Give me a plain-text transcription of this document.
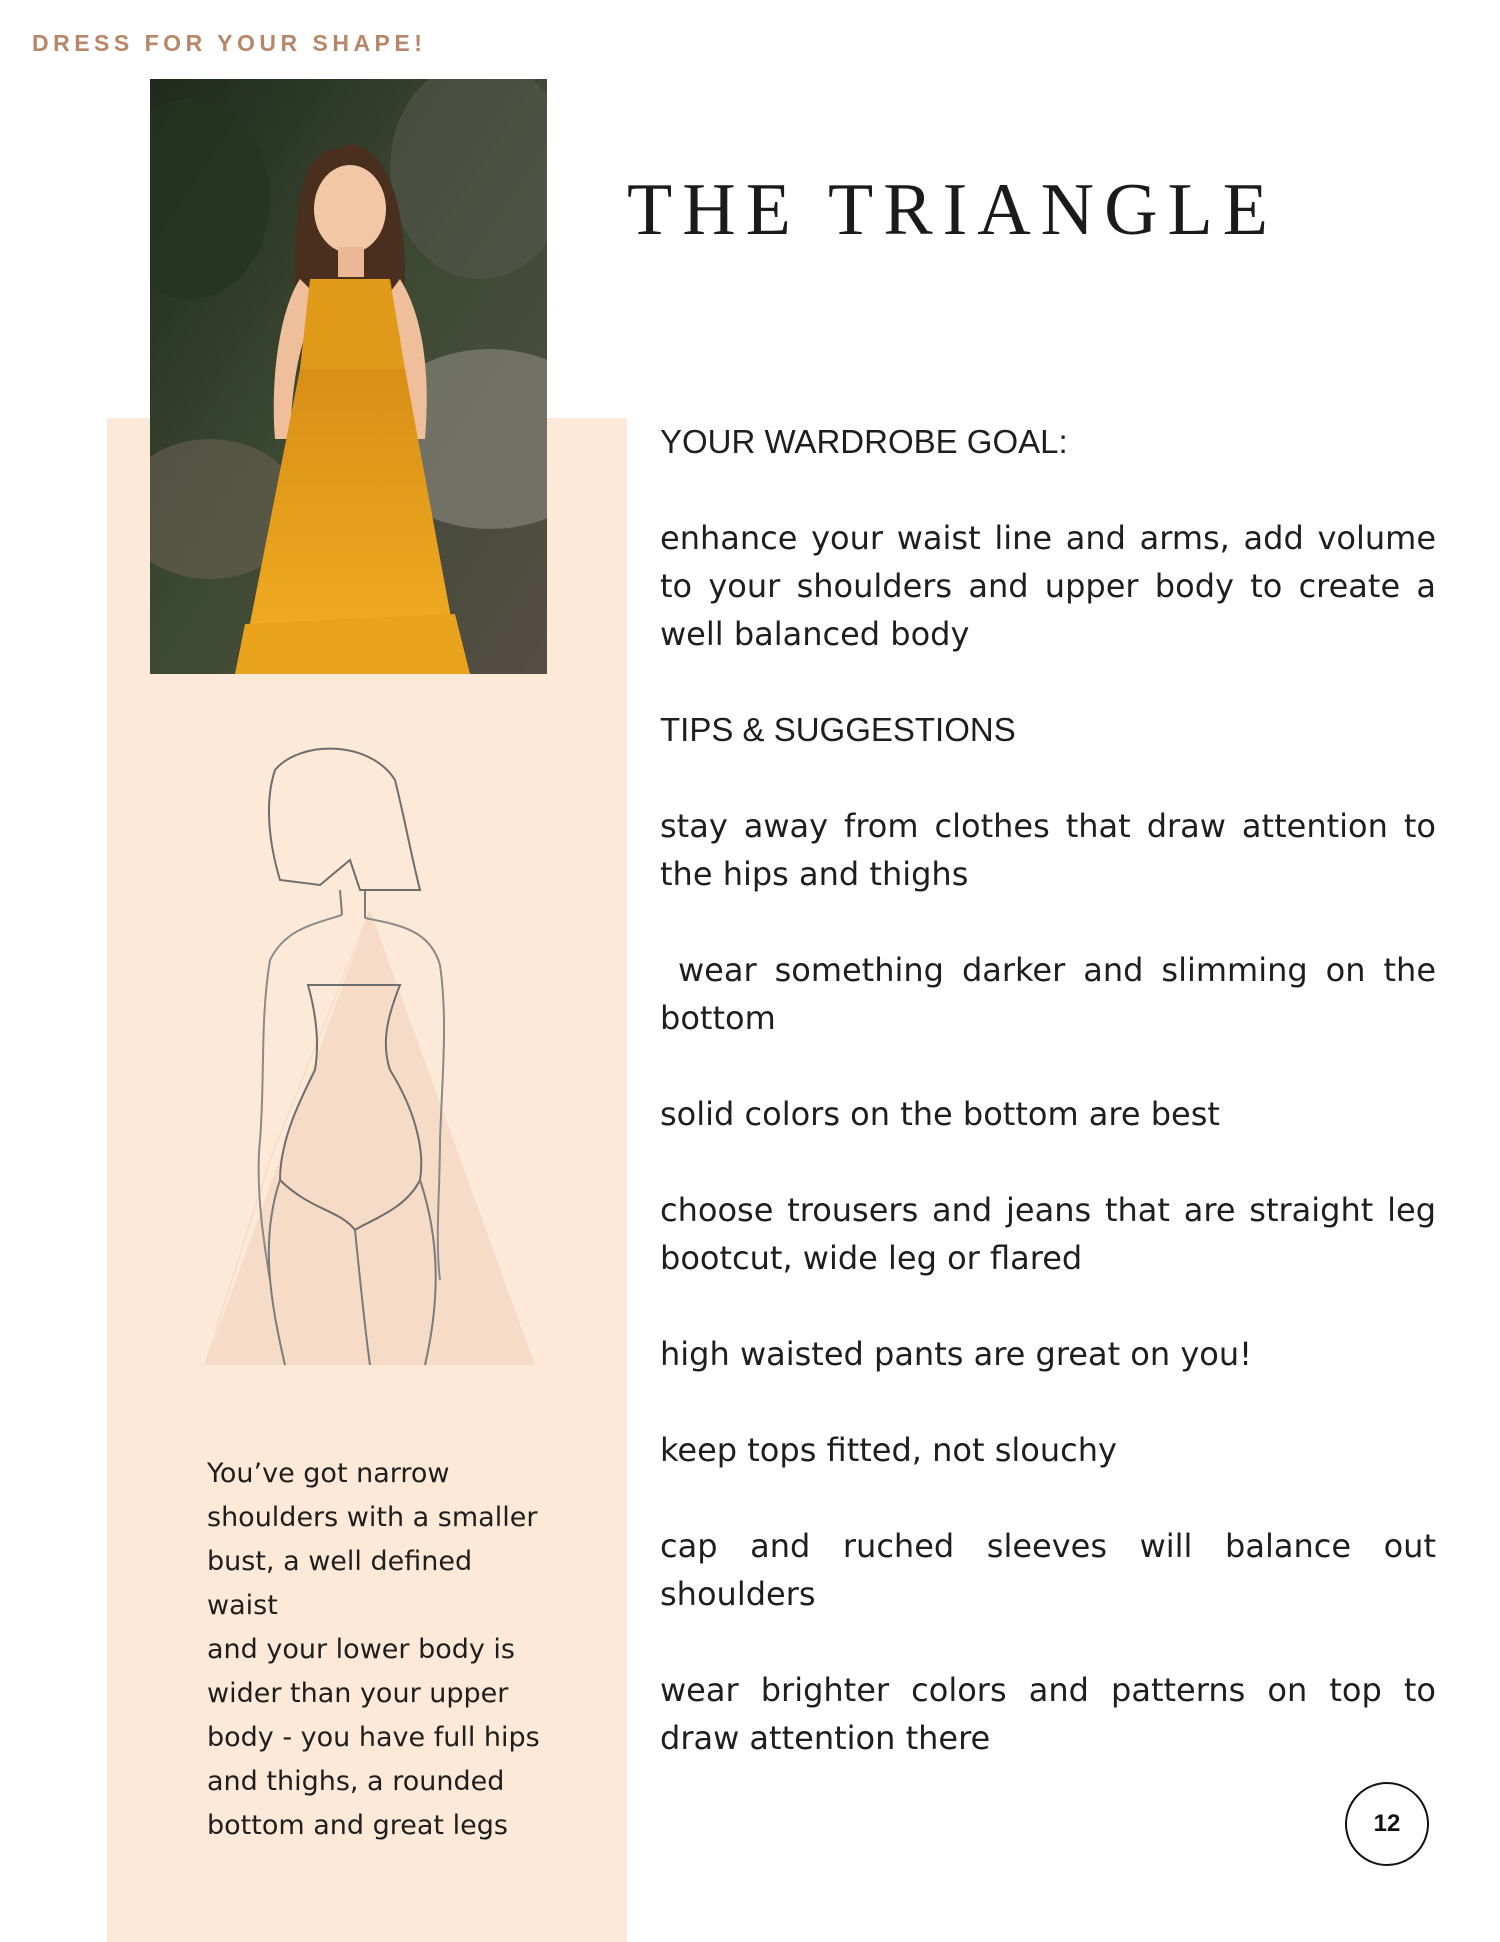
DRESS FOR YOUR SHAPE!
You’ve got narrow
shoulders with a smaller
bust, a well defined
waist
and your lower body is
wider than your upper
body - you have full hips
and thighs, a rounded
bottom and great legs
THE TRIANGLE

YOUR WARDROBE GOAL:

enhance your waist line and arms, add volume to your shoulders and upper body to create a well balanced body

TIPS & SUGGESTIONS

stay away from clothes that draw attention to the hips and thighs

wear something darker and slimming on the bottom

solid colors on the bottom are best

choose trousers and jeans that are straight leg bootcut, wide leg or flared

high waisted pants are great on you!

keep tops fitted, not slouchy

cap and ruched sleeves will balance out shoulders

wear brighter colors and patterns on top to draw attention there

12
